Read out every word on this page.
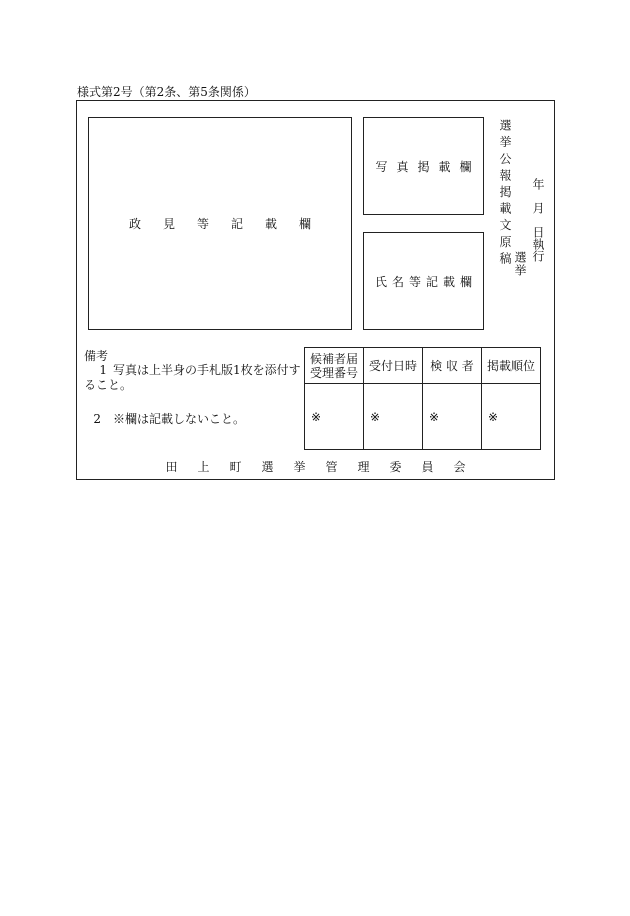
様式第2号（第2条、第5条関係）
政見等記載欄
写真掲載欄
氏名等記載欄
選挙公報掲載文原稿 年　月　日執行
選挙
備考
1 写真は上半身の手札版1枚を添付すること。
2 ※欄は記載しないこと。
候補者届受理番号	受付日時	検 収 者	掲載順位
※	※	※	※
田上町選挙管理委員会
